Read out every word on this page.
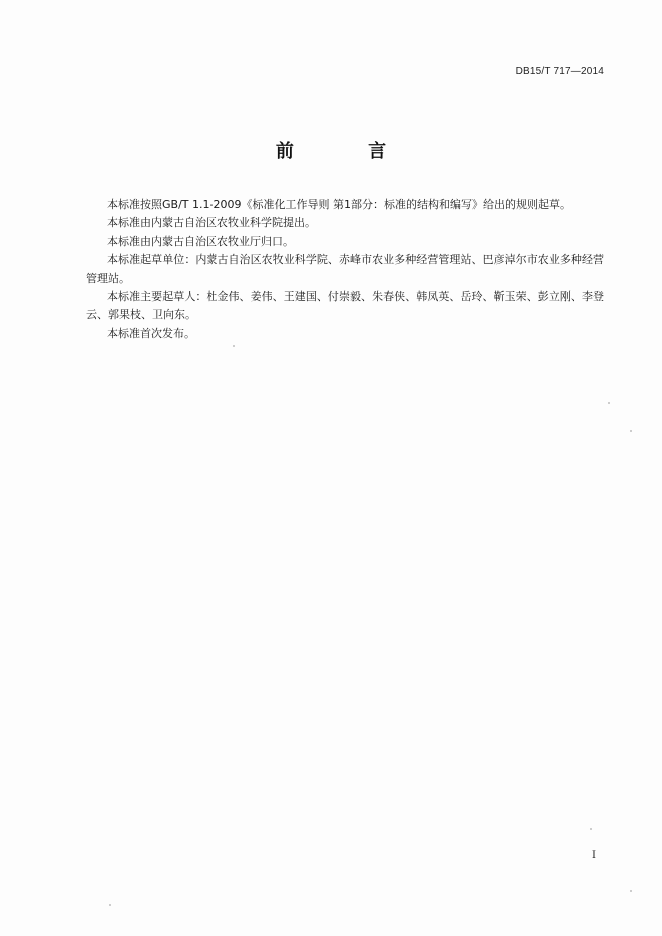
DB15/T 717—2014
前 言

本标准按照GB/T 1.1-2009《标准化工作导则 第1部分：标准的结构和编写》给出的规则起草。

本标准由内蒙古自治区农牧业科学院提出。

本标准由内蒙古自治区农牧业厅归口。

本标准起草单位：内蒙古自治区农牧业科学院、赤峰市农业多种经营管理站、巴彦淖尔市农业多种经营管理站。

本标准主要起草人：杜金伟、姜伟、王建国、付崇毅、朱春侠、韩凤英、岳玲、靳玉荣、彭立刚、李登云、郭果枝、卫向东。

本标准首次发布。

I
